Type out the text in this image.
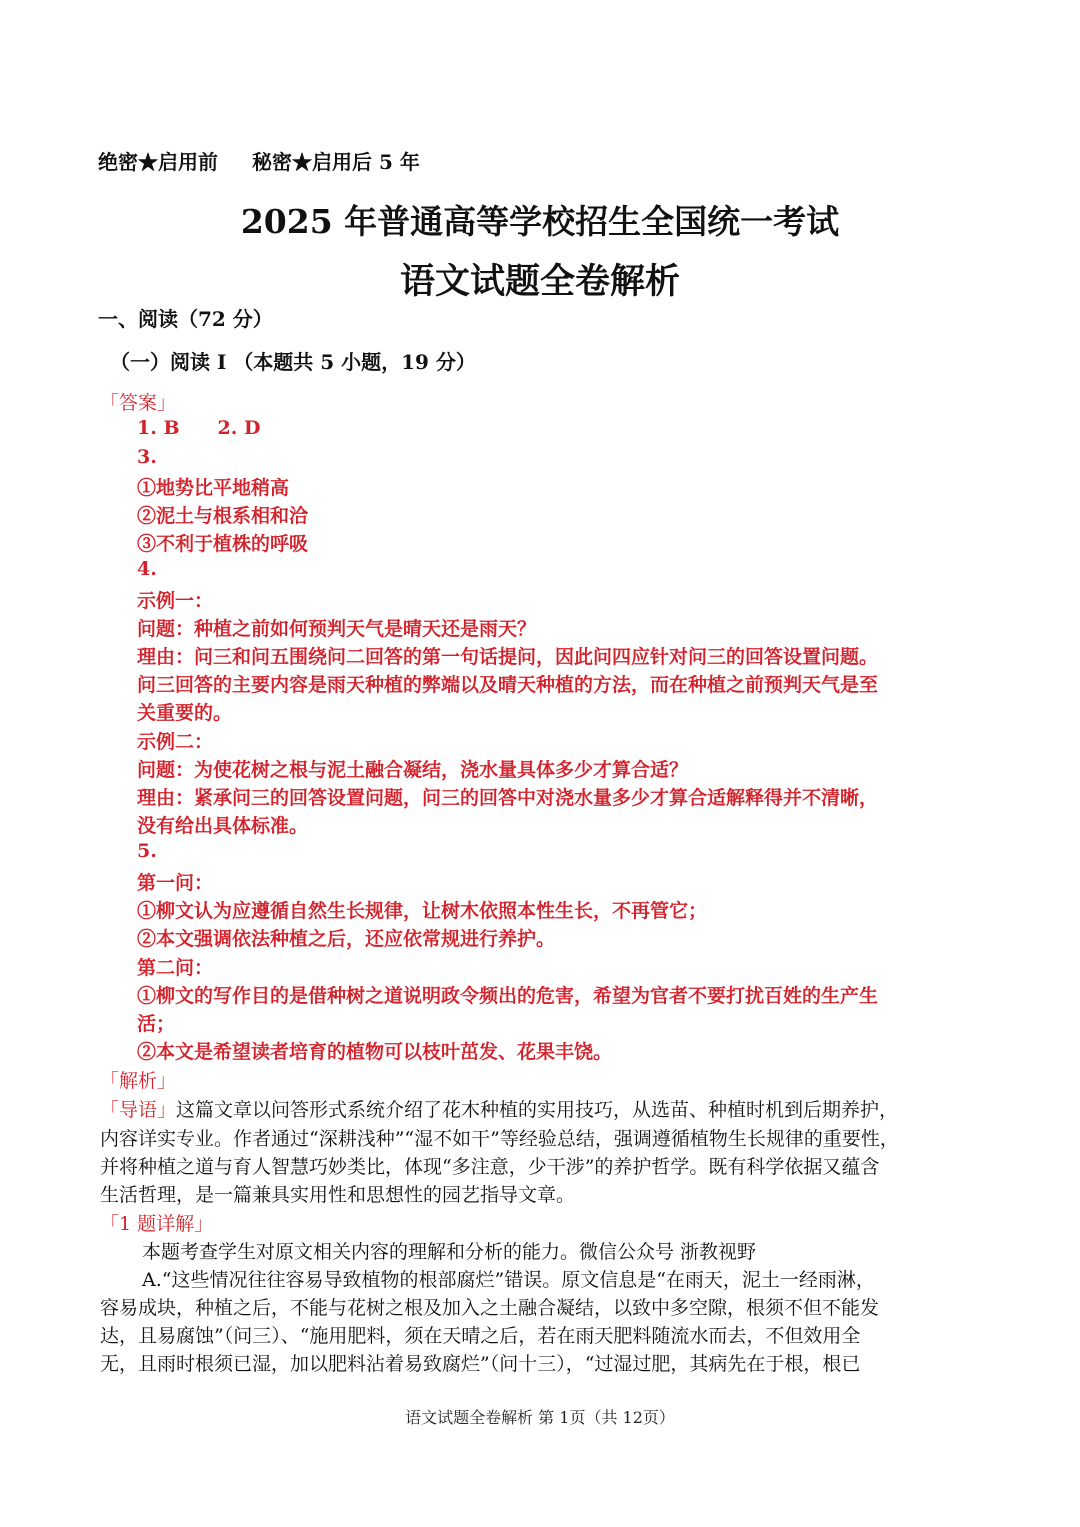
绝密★启用前 秘密★启用后 5 年
2025 年普通高等学校招生全国统一考试
语文试题全卷解析
一、阅读（72 分）
（一）阅读 I （本题共 5 小题，19 分）
「答案」
1. B 2. D
3.
①地势比平地稍高
②泥土与根系相和洽
③不利于植株的呼吸
4.
示例一：
问题：种植之前如何预判天气是晴天还是雨天？
理由：问三和问五围绕问二回答的第一句话提问，因此问四应针对问三的回答设置问题。
问三回答的主要内容是雨天种植的弊端以及晴天种植的方法，而在种植之前预判天气是至
关重要的。
示例二：
问题：为使花树之根与泥土融合凝结，浇水量具体多少才算合适？
理由：紧承问三的回答设置问题，问三的回答中对浇水量多少才算合适解释得并不清晰，
没有给出具体标准。
5.
第一问：
①柳文认为应遵循自然生长规律，让树木依照本性生长，不再管它；
②本文强调依法种植之后，还应依常规进行养护。
第二问：
①柳文的写作目的是借种树之道说明政令频出的危害，希望为官者不要打扰百姓的生产生
活；
②本文是希望读者培育的植物可以枝叶茁发、花果丰饶。
「解析」
「导语」这篇文章以问答形式系统介绍了花木种植的实用技巧，从选苗、种植时机到后期养护，
内容详实专业。作者通过“深耕浅种”“湿不如干”等经验总结，强调遵循植物生长规律的重要性，
并将种植之道与育人智慧巧妙类比，体现“多注意，少干涉”的养护哲学。既有科学依据又蕴含
生活哲理，是一篇兼具实用性和思想性的园艺指导文章。
「1 题详解」
本题考查学生对原文相关内容的理解和分析的能力。微信公众号 浙教视野
A.“这些情况往往容易导致植物的根部腐烂”错误。原文信息是“在雨天，泥土一经雨淋，
容易成块，种植之后，不能与花树之根及加入之土融合凝结，以致中多空隙，根须不但不能发
达，且易腐蚀”（问三）、“施用肥料，须在天晴之后，若在雨天肥料随流水而去，不但效用全
无，且雨时根须已湿，加以肥料沾着易致腐烂”（问十三），“过湿过肥，其病先在于根，根已
语文试题全卷解析 第 1页（共 12页）
